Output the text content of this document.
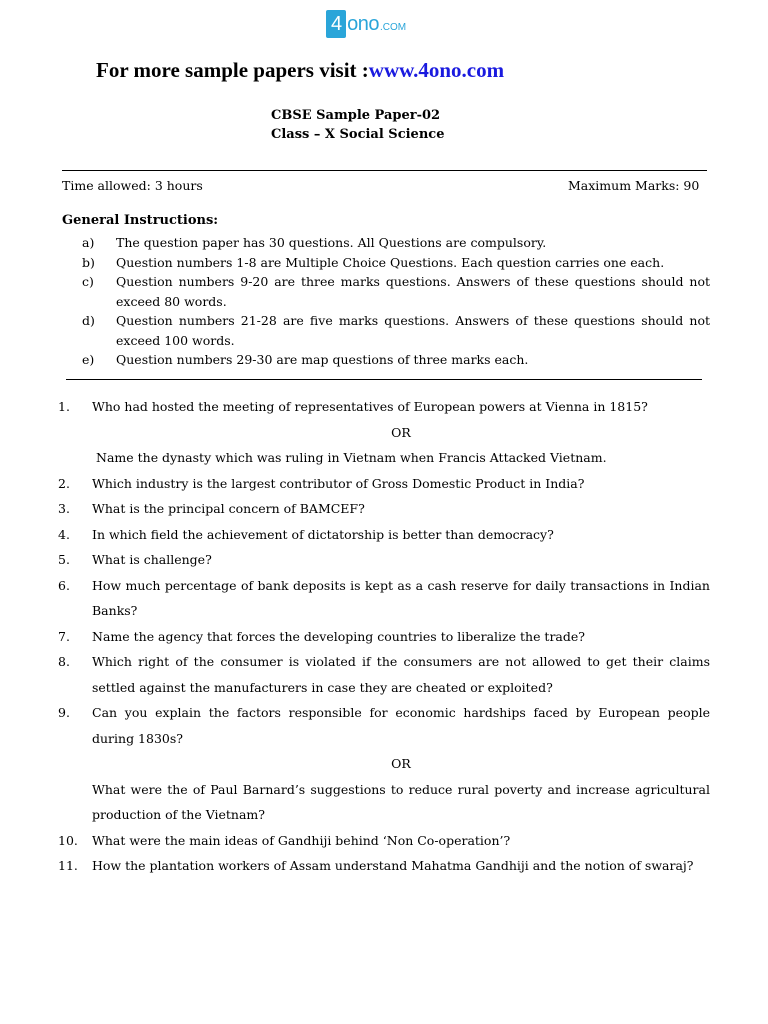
4 ono .COM
For more sample papers visit :www.4ono.com
CBSE Sample Paper-02
Class – X Social Science
Time allowed: 3 hours	Maximum Marks: 90
General Instructions:
a)	The question paper has 30 questions. All Questions are compulsory.
b)	Question numbers 1-8 are Multiple Choice Questions. Each question carries one each.
c)	Question numbers 9-20 are three marks questions. Answers of these questions should not exceed 80 words.
d)	Question numbers 21-28 are five marks questions. Answers of these questions should not exceed 100 words.
e)	Question numbers 29-30 are map questions of three marks each.
1.	Who had hosted the meeting of representatives of European powers at Vienna in 1815?
OR
Name the dynasty which was ruling in Vietnam when Francis Attacked Vietnam.
2.	Which industry is the largest contributor of Gross Domestic Product in India?
3.	What is the principal concern of BAMCEF?
4.	In which field the achievement of dictatorship is better than democracy?
5.	What is challenge?
6.	How much percentage of bank deposits is kept as a cash reserve for daily transactions in Indian Banks?
7.	Name the agency that forces the developing countries to liberalize the trade?
8.	Which right of the consumer is violated if the consumers are not allowed to get their claims settled against the manufacturers in case they are cheated or exploited?
9.	Can you explain the factors responsible for economic hardships faced by European people during 1830s?
OR
What were the of Paul Barnard’s suggestions to reduce rural poverty and increase agricultural production of the Vietnam?
10.	What were the main ideas of Gandhiji behind ‘Non Co-operation’?
11.	How the plantation workers of Assam understand Mahatma Gandhiji and the notion of swaraj?
